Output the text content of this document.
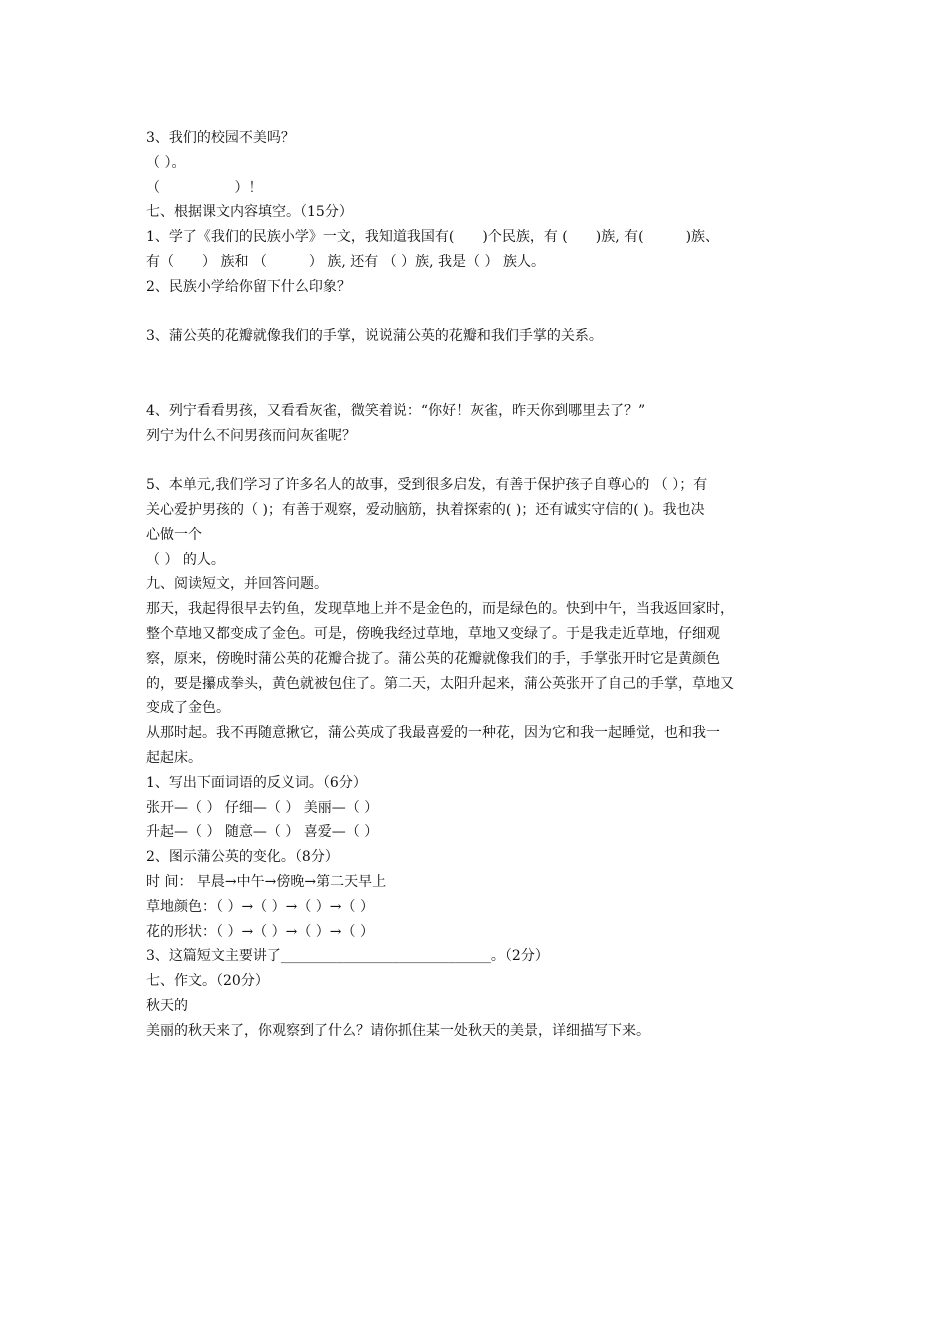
3、我们的校园不美吗？
（ ）。
（　　　　　 ）！
七、根据课文内容填空。（15分）
1、学了《我们的民族小学》一文，我知道我国有(　　)个民族，有 (　　)族, 有(　　　)族、
有（　　） 族和 （　　　） 族, 还有 （ ）族, 我是（ ） 族人。
2、民族小学给你留下什么印象？
3、蒲公英的花瓣就像我们的手掌，说说蒲公英的花瓣和我们手掌的关系。
4、列宁看看男孩，又看看灰雀，微笑着说：“你好！灰雀，昨天你到哪里去了？”
列宁为什么不问男孩而问灰雀呢？
5、本单元,我们学习了许多名人的故事，受到很多启发，有善于保护孩子自尊心的 （ ）；有
关心爱护男孩的（ )；有善于观察，爱动脑筋，执着探索的( )；还有诚实守信的( )。我也决
心做一个
（ ） 的人。
九、阅读短文，并回答问题。
那天，我起得很早去钓鱼，发现草地上并不是金色的，而是绿色的。快到中午，当我返回家时，
整个草地又都变成了金色。可是，傍晚我经过草地，草地又变绿了。于是我走近草地，仔细观
察，原来，傍晚时蒲公英的花瓣合拢了。蒲公英的花瓣就像我们的手，手掌张开时它是黄颜色
的，要是攥成拳头，黄色就被包住了。第二天，太阳升起来，蒲公英张开了自己的手掌，草地又
变成了金色。
从那时起。我不再随意揪它，蒲公英成了我最喜爱的一种花，因为它和我一起睡觉，也和我一
起起床。
1、写出下面词语的反义词。（6分）
张开—（ ） 仔细—（ ） 美丽—（ ）
升起—（ ） 随意—（ ） 喜爱—（ ）
2、图示蒲公英的变化。（8分）
时 间： 早晨→中午→傍晚→第二天早上
草地颜色：（ ）→（ ）→（ ）→（ ）
花的形状：（ ）→（ ）→（ ）→（ ）
3、这篇短文主要讲了______________________________。（2分）
七、作文。（20分）
秋天的
美丽的秋天来了，你观察到了什么？请你抓住某一处秋天的美景，详细描写下来。
